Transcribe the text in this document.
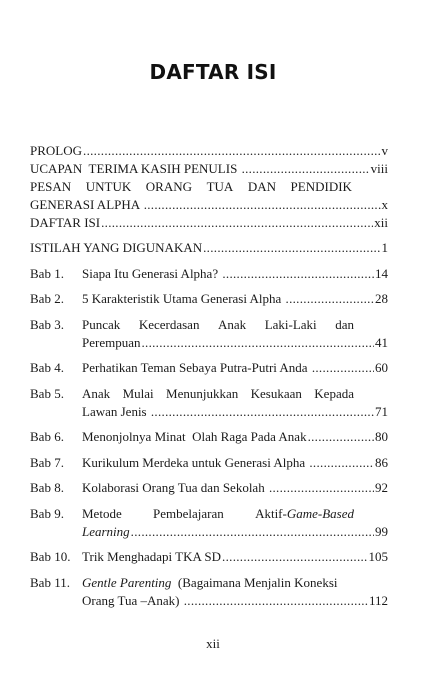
DAFTAR ISI
PROLOG .....	v
UCAPAN  TERIMA KASIH PENULIS .....	viii
PESAN UNTUK ORANG TUA DAN PENDIDIK
GENERASI ALPHA .....	x
DAFTAR ISI .....	xii
ISTILAH YANG DIGUNAKAN .....	1
Bab 1.	Siapa Itu Generasi Alpha? .....	14
Bab 2.	5 Karakteristik Utama Generasi Alpha .....	28
Bab 3.	Puncak Kecerdasan Anak Laki-Laki dan
Perempuan .....	41
Bab 4.	Perhatikan Teman Sebaya Putra-Putri Anda .....	60
Bab 5.	Anak Mulai Menunjukkan Kesukaan Kepada
Lawan Jenis .....	71
Bab 6.	Menonjolnya Minat  Olah Raga Pada Anak .....	80
Bab 7.	Kurikulum Merdeka untuk Generasi Alpha .....	86
Bab 8.	Kolaborasi Orang Tua dan Sekolah .....	92
Bab 9.	Metode Pembelajaran Aktif-Game-Based
Learning .....	99
Bab 10. Trik Menghadapi TKA SD .....	105
Bab 11. Gentle Parenting (Bagaimana Menjalin Koneksi
Orang Tua –Anak) .....	112
xii
